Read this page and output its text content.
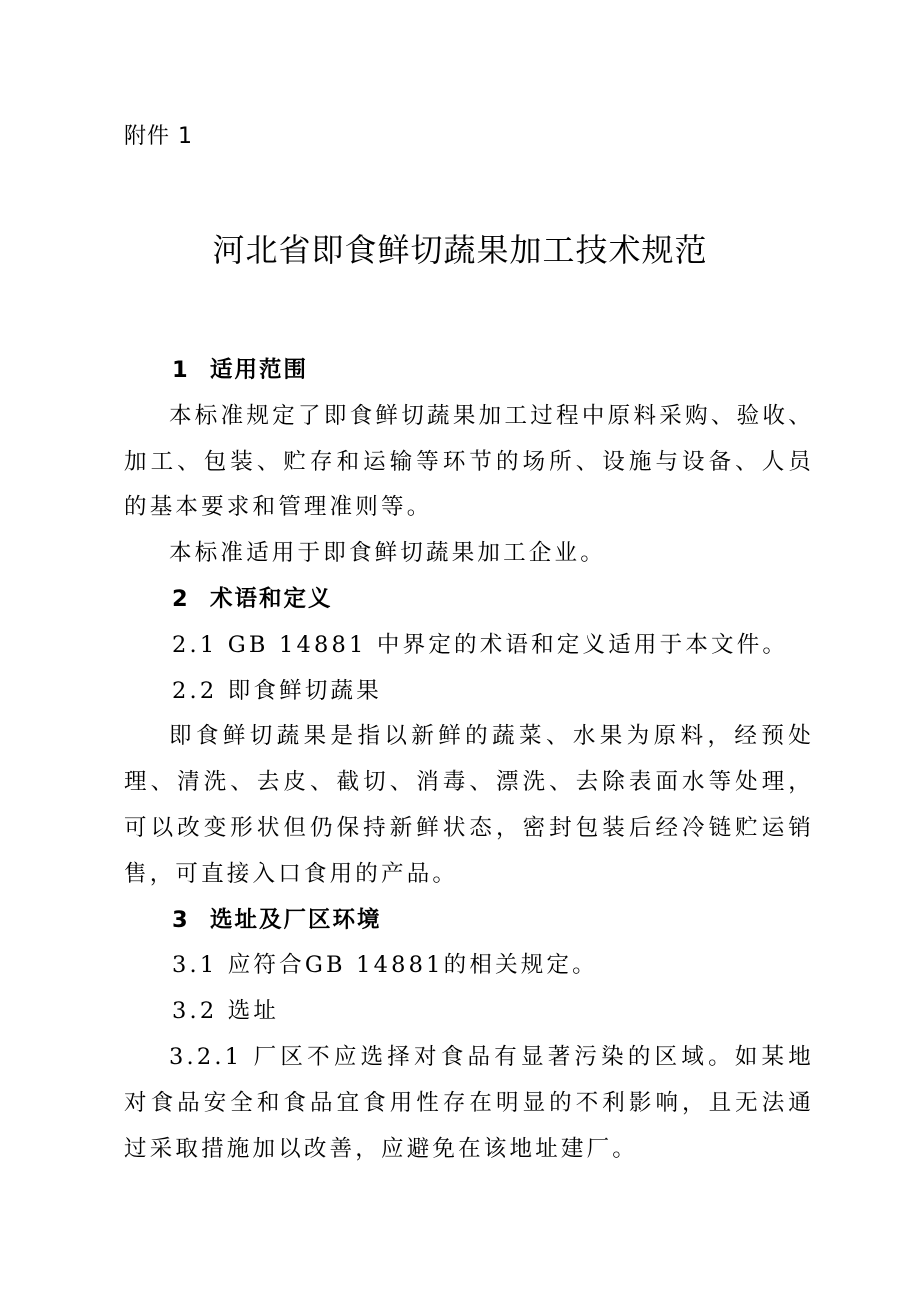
附件 1
河北省即食鲜切蔬果加工技术规范
1 适用范围

本标准规定了即食鲜切蔬果加工过程中原料采购、验收、加工、包装、贮存和运输等环节的场所、设施与设备、人员的基本要求和管理准则等。

本标准适用于即食鲜切蔬果加工企业。

2 术语和定义

2.1 GB 14881 中界定的术语和定义适用于本文件。

2.2 即食鲜切蔬果

即食鲜切蔬果是指以新鲜的蔬菜、水果为原料，经预处理、清洗、去皮、截切、消毒、漂洗、去除表面水等处理，可以改变形状但仍保持新鲜状态，密封包装后经冷链贮运销售，可直接入口食用的产品。

3 选址及厂区环境

3.1 应符合GB 14881的相关规定。

3.2 选址

3.2.1 厂区不应选择对食品有显著污染的区域。如某地对食品安全和食品宜食用性存在明显的不利影响，且无法通过采取措施加以改善，应避免在该地址建厂。
